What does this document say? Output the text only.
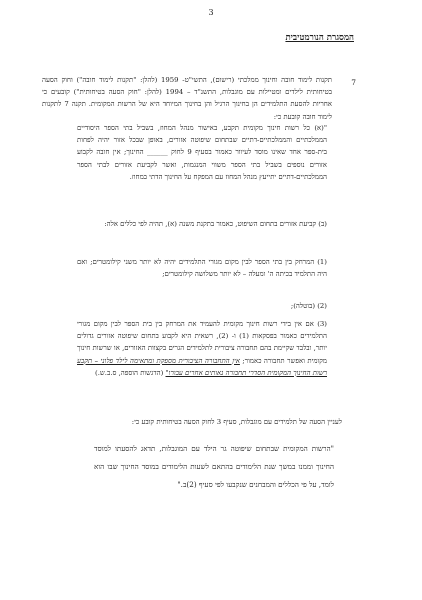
3
המסגרת הנורמטיבית
7

תקנות לימוד חובה וחינוך ממלכתי (רישום), התשי"ט- 1959 (להלן: "תקנות לימוד חובה") וחוק הסעה בטיחותית לילדים ומטיילות עם מוגבלות, התשנ"ד – 1994 (להלן: "חוק הסעה בטיחותית") קובעים כי אחריות להסעת התלמידים הן בחינוך הרגיל והן בחינוך המיוחד היא של הרשות המקומית. תקנה 7 לתקנות לימוד חובה קובעת כי:

"(א) כל רשות חינוך מקומית תקבע, באישור מנהל המחוז, בשביל בתי הספר היסודיים הממלכתיים והממלכתיים-דתיים שבתחום שיפוטה אזורים, באופן שבכל אזור יהיה לפחות בית-ספר אחד שאינו מוסד לעיוור כאמור בסעיף 9 לחוק ______ החינוך; אין חובה לקבוע אזורים נוספים בשביל בתי הספר משווי המנגמות, ואשר לקביעת אזורים לבתי הספר הממלכתיים-דתיים יתייעץ מנהל המחוז עם המפקח על החינוך הדתי במחוז.

(ב) קביעת אזורים בתחום השיפוט, כאמור בתקנת משנה (א), תהיה לפי כללים אלה:

(1) המרחק בין בתי הספר לבין מקום מגורי התלמידים יהיה לא יותר משני קילומטרים; ואם היה התלמיד בכיתה ה' ומעלה – לא יותר משלושה קילומטרים;

(2) (בוטלה);

(3) אם אין בידי רשות חינוך מקומית להעמיד את המרחק בין בית הספר לבין מקום מגורי התלמידים כאמור בפסקאות (1) ו- (2), רשאית היא לקבוע בתחום שיפוטה אזורים גדולים יותר, ובלבד שקיימת בהם תחבורה ציבורית לתלמידים הגרים בקצוות האזורים, או שרשות חינוך מקומית ואפשר תחבורה כאמור; אין התחבורה הציבורית מספקת ומתאימה לילד פלוני – תקבע רשות החינוך המקומית הסדרי תחבורה נאותים אחרים עבורו" (הדגשות הוספה, ס.ב.ש.)

לעניין הסעה של תלמידים עם מוגבלות, סעיף 3 לחוק הסעה בטיחותית קובע כי:

"הרשות המקומית שבתחום שיפוטה גר הילד עם המוגבלות, תדאג להסעתו למוסד החינוך וממנו במשך שנת הלימודים בהתאם לשעות הלימודים במוסד החינוך שבו הוא לומד, על פי הכללים והמבחנים שנקבעו לפי סעיף (2)ב."
